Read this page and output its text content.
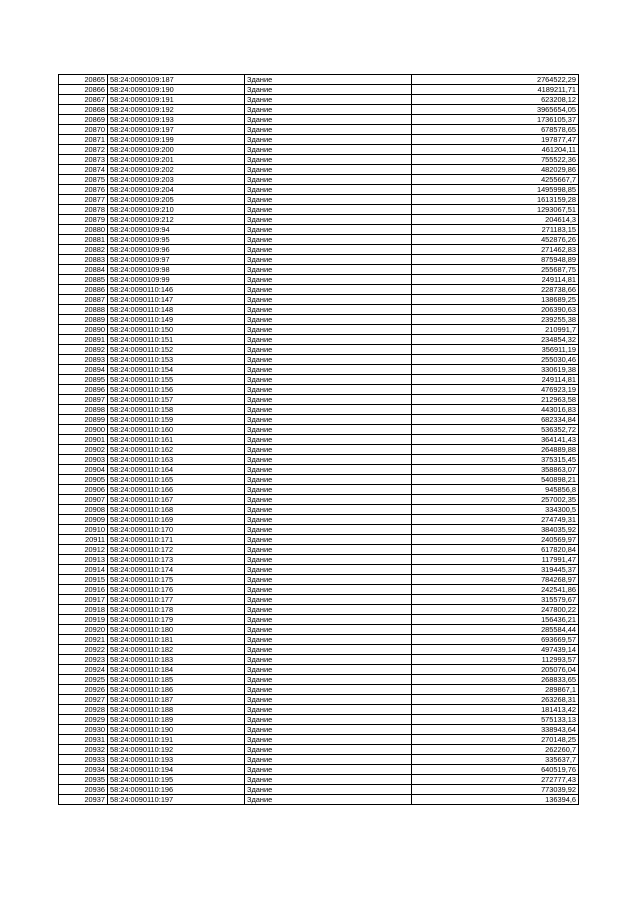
20865	58:24:0090109:187	Здание	2764522,29
20866	58:24:0090109:190	Здание	4189211,71
20867	58:24:0090109:191	Здание	623208,12
20868	58:24:0090109:192	Здание	3965654,05
20869	58:24:0090109:193	Здание	1736105,37
20870	58:24:0090109:197	Здание	678578,65
20871	58:24:0090109:199	Здание	197877,47
20872	58:24:0090109:200	Здание	461204,11
20873	58:24:0090109:201	Здание	755522,36
20874	58:24:0090109:202	Здание	482029,86
20875	58:24:0090109:203	Здание	4255667,7
20876	58:24:0090109:204	Здание	1495998,85
20877	58:24:0090109:205	Здание	1613159,28
20878	58:24:0090109:210	Здание	1293067,51
20879	58:24:0090109:212	Здание	204614,3
20880	58:24:0090109:94	Здание	271183,15
20881	58:24:0090109:95	Здание	452876,26
20882	58:24:0090109:96	Здание	271462,83
20883	58:24:0090109:97	Здание	875948,89
20884	58:24:0090109:98	Здание	255687,75
20885	58:24:0090109:99	Здание	249114,81
20886	58:24:0090110:146	Здание	228738,66
20887	58:24:0090110:147	Здание	138689,25
20888	58:24:0090110:148	Здание	206390,63
20889	58:24:0090110:149	Здание	239255,38
20890	58:24:0090110:150	Здание	210991,7
20891	58:24:0090110:151	Здание	234854,32
20892	58:24:0090110:152	Здание	356911,19
20893	58:24:0090110:153	Здание	255030,46
20894	58:24:0090110:154	Здание	330619,38
20895	58:24:0090110:155	Здание	249114,81
20896	58:24:0090110:156	Здание	476923,19
20897	58:24:0090110:157	Здание	212963,58
20898	58:24:0090110:158	Здание	443016,83
20899	58:24:0090110:159	Здание	682334,84
20900	58:24:0090110:160	Здание	536352,72
20901	58:24:0090110:161	Здание	364141,43
20902	58:24:0090110:162	Здание	264889,88
20903	58:24:0090110:163	Здание	375315,45
20904	58:24:0090110:164	Здание	358863,07
20905	58:24:0090110:165	Здание	540898,21
20906	58:24:0090110:166	Здание	945856,8
20907	58:24:0090110:167	Здание	257002,35
20908	58:24:0090110:168	Здание	334300,5
20909	58:24:0090110:169	Здание	274749,31
20910	58:24:0090110:170	Здание	384035,92
20911	58:24:0090110:171	Здание	240569,97
20912	58:24:0090110:172	Здание	617820,84
20913	58:24:0090110:173	Здание	117991,47
20914	58:24:0090110:174	Здание	319445,37
20915	58:24:0090110:175	Здание	784268,97
20916	58:24:0090110:176	Здание	242541,86
20917	58:24:0090110:177	Здание	315579,67
20918	58:24:0090110:178	Здание	247800,22
20919	58:24:0090110:179	Здание	156436,21
20920	58:24:0090110:180	Здание	285584,44
20921	58:24:0090110:181	Здание	693669,57
20922	58:24:0090110:182	Здание	497439,14
20923	58:24:0090110:183	Здание	112993,57
20924	58:24:0090110:184	Здание	205076,04
20925	58:24:0090110:185	Здание	268833,65
20926	58:24:0090110:186	Здание	289867,1
20927	58:24:0090110:187	Здание	263268,31
20928	58:24:0090110:188	Здание	181413,42
20929	58:24:0090110:189	Здание	575133,13
20930	58:24:0090110:190	Здание	338943,64
20931	58:24:0090110:191	Здание	270148,25
20932	58:24:0090110:192	Здание	262260,7
20933	58:24:0090110:193	Здание	335637,7
20934	58:24:0090110:194	Здание	640519,76
20935	58:24:0090110:195	Здание	272777,43
20936	58:24:0090110:196	Здание	773039,92
20937	58:24:0090110:197	Здание	136394,6
